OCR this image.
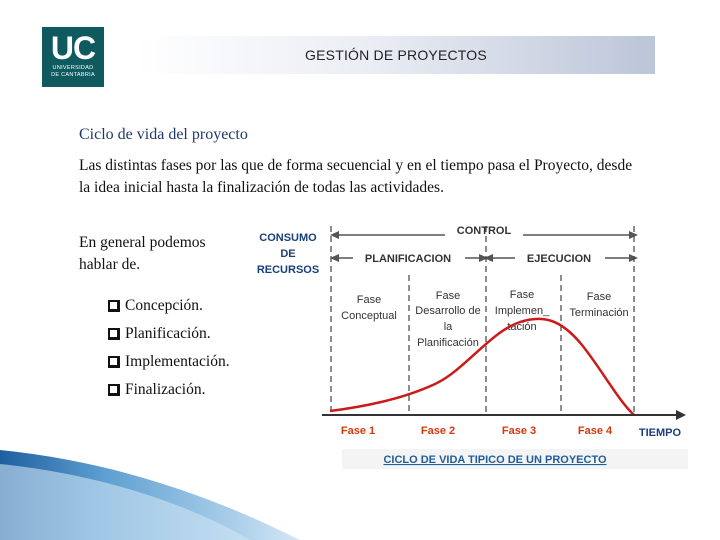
UC
UNIVERSIDAD
DE CANTABRIA
GESTIÓN DE PROYECTOS
Ciclo de vida del proyecto
Las distintas fases por las que de forma secuencial y en el tiempo pasa el Proyecto, desde la idea inicial hasta la finalización de todas las actividades.
En general podemos hablar de.
Concepción.
Planificación.
Implementación.
Finalización.
CONSUMO
DE
RECURSOS
CONTROL
PLANIFICACION	EJECUCION
Fase
Conceptual
Fase
Desarrollo de
la
Planificación
Fase
Implemen_
tación
Fase
Terminación
Fase 1	Fase 2	Fase 3	Fase 4 TIEMPO
CICLO DE VIDA TIPICO DE UN PROYECTO
